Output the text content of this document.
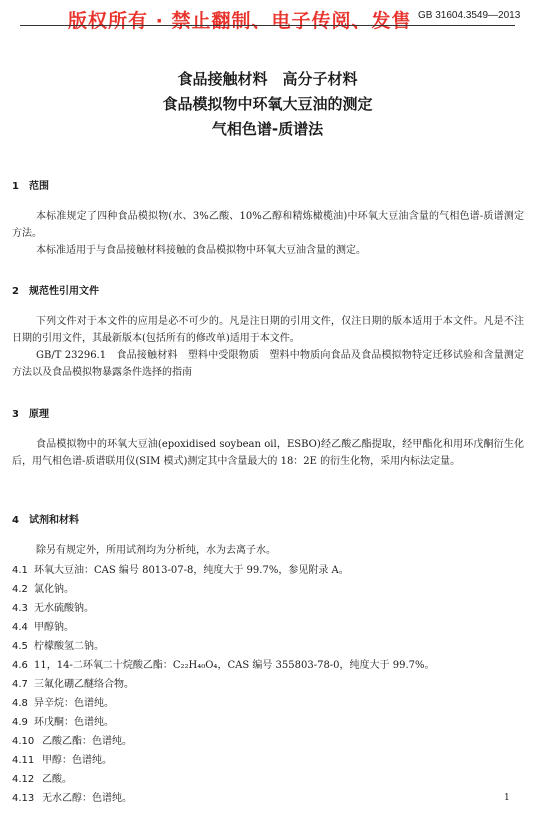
版权所有 · 禁止翻制、电子传阅、发售 GB 31604.3549—2013
食品接触材料　高分子材料
食品模拟物中环氧大豆油的测定
气相色谱-质谱法
1 范围
本标准规定了四种食品模拟物(水、3%乙酸、10%乙醇和精炼橄榄油)中环氧大豆油含量的气相色谱-质谱测定方法。
本标准适用于与食品接触材料接触的食品模拟物中环氧大豆油含量的测定。
2 规范性引用文件
下列文件对于本文件的应用是必不可少的。凡是注日期的引用文件，仅注日期的版本适用于本文件。凡是不注日期的引用文件，其最新版本(包括所有的修改单)适用于本文件。
GB/T 23296.1　食品接触材料　塑料中受限物质　塑料中物质向食品及食品模拟物特定迁移试验和含量测定方法以及食品模拟物暴露条件选择的指南
3 原理
食品模拟物中的环氧大豆油(epoxidised soybean oil，ESBO)经乙酸乙酯提取，经甲酯化和用环戊酮衍生化后，用气相色谱-质谱联用仪(SIM 模式)测定其中含量最大的 18：2E 的衍生化物，采用内标法定量。
4 试剂和材料
除另有规定外，所用试剂均为分析纯，水为去离子水。
4.1 环氧大豆油：CAS 编号 8013-07-8，纯度大于 99.7%，参见附录 A。
4.2 氯化钠。
4.3 无水硫酸钠。
4.4 甲醇钠。
4.5 柠檬酸氢二钠。
4.6 11，14-二环氧二十烷酸乙酯：C₂₂H₄₀O₄，CAS 编号 355803-78-0，纯度大于 99.7%。
4.7 三氟化硼乙醚络合物。
4.8 异辛烷：色谱纯。
4.9 环戊酮：色谱纯。
4.10 乙酸乙酯：色谱纯。
4.11 甲醇：色谱纯。
4.12 乙酸。
4.13 无水乙醇：色谱纯。	1
